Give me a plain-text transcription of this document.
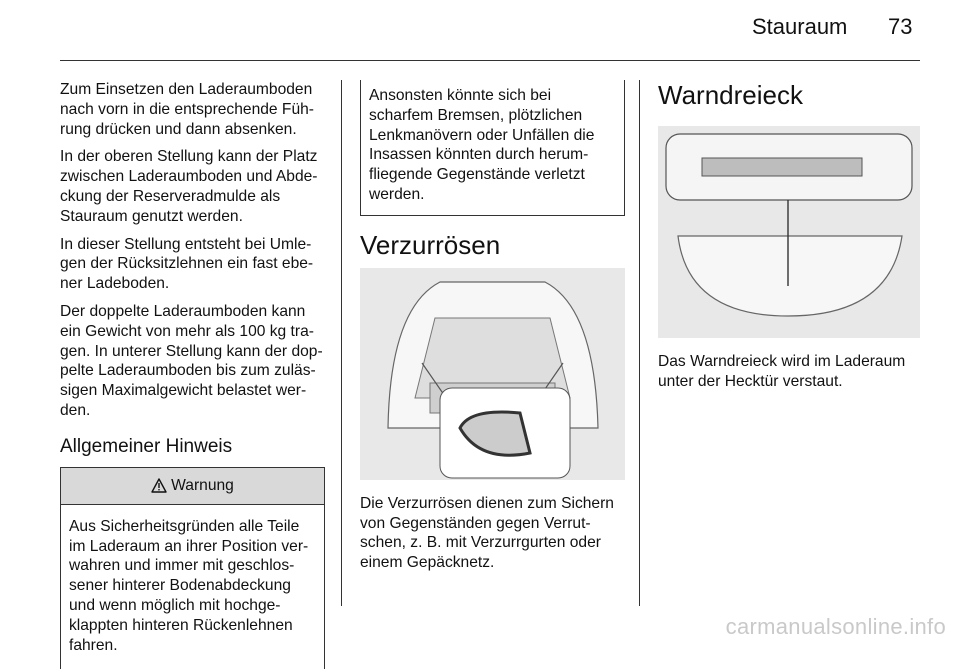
Stauraum 73

Zum Einsetzen den Laderaumboden nach vorn in die entsprechende Füh-rung drücken und dann absenken.

In der oberen Stellung kann der Platz zwischen Laderaumboden und Abde-ckung der Reserveradmulde als Stauraum genutzt werden.

In dieser Stellung entsteht bei Umle-gen der Rücksitzlehnen ein fast ebe-ner Ladeboden.

Der doppelte Laderaumboden kann ein Gewicht von mehr als 100 kg tra-gen. In unterer Stellung kann der dop-pelte Laderaumboden bis zum zuläs-sigen Maximalgewicht belastet wer-den.

Allgemeiner Hinweis
Warnung
Aus Sicherheitsgründen alle Teile im Laderaum an ihrer Position ver-wahren und immer mit geschlos-sener hinterer Bodenabdeckung und wenn möglich mit hochge-klappten hinteren Rückenlehnen fahren.
Ansonsten könnte sich bei scharfem Bremsen, plötzlichen Lenkmanövern oder Unfällen die Insassen könnten durch herum-fliegende Gegenstände verletzt werden.
Verzurrösen

Die Verzurrösen dienen zum Sichern von Gegenständen gegen Verrut-schen, z. B. mit Verzurrgurten oder einem Gepäcknetz.

Warndreieck

Das Warndreieck wird im Laderaum unter der Hecktür verstaut.

carmanualsonline.info
